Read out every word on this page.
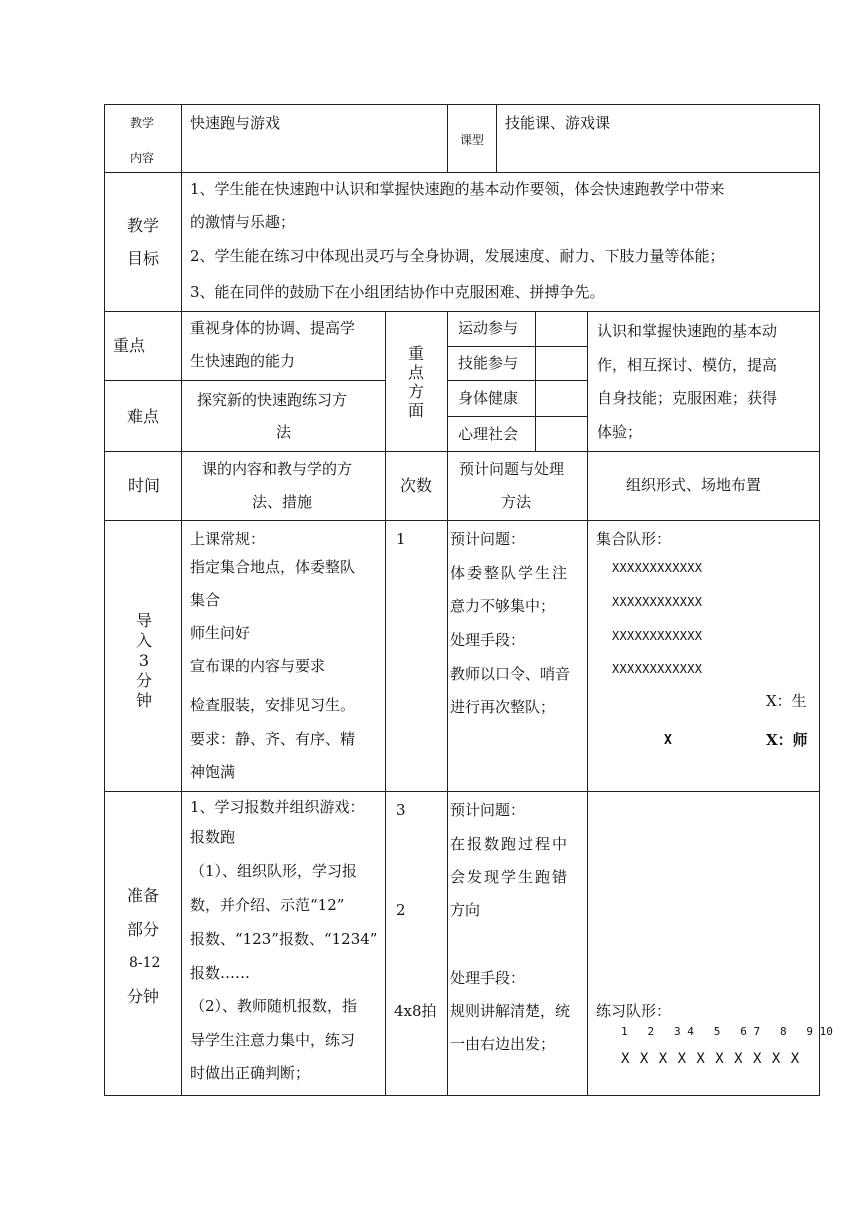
教学
内容
快速跑与游戏
课型
技能课、游戏课
教学
目标
1、学生能在快速跑中认识和掌握快速跑的基本动作要领，体会快速跑教学中带来
的激情与乐趣；
2、学生能在练习中体现出灵巧与全身协调，发展速度、耐力、下肢力量等体能；
3、能在同伴的鼓励下在小组团结协作中克服困难、拼搏争先。
重点
重视身体的协调、提高学
生快速跑的能力
难点
探究新的快速跑练习方
法
重点方面
运动参与
技能参与
身体健康
心理社会
认识和掌握快速跑的基本动
作，相互探讨、模仿，提高
自身技能；克服困难；获得
体验；
时间
课的内容和教与学的方
法、措施
次数
预计问题与处理
方法
组织形式、场地布置
导入3分钟
上课常规：
指定集合地点，体委整队
集合
师生问好
宣布课的内容与要求
检查服装，安排见习生。
要求：静、齐、有序、精
神饱满
1	预计问题：
体委整队学生注
意力不够集中；
处理手段：
教师以口令、哨音
进行再次整队；
集合队形：
XXXXXXXXXXXX
XXXXXXXXXXXX
XXXXXXXXXXXX
XXXXXXXXXXXX
X：生
X	X：师
准备
部分
8-12
分钟
1、学习报数并组织游戏：
报数跑
（1）、组织队形，学习报
数，并介绍、示范“12”
报数、“123”报数、“1234”
报数……
（2）、教师随机报数，指
导学生注意力集中，练习
时做出正确判断；
3
2
4x8拍
预计问题：
在报数跑过程中
会发现学生跑错
方向
处理手段：
规则讲解清楚，统
一由右边出发；
练习队形：
1   2   3 4   5   6 7   8   9 10
X X X X X X X X X X
